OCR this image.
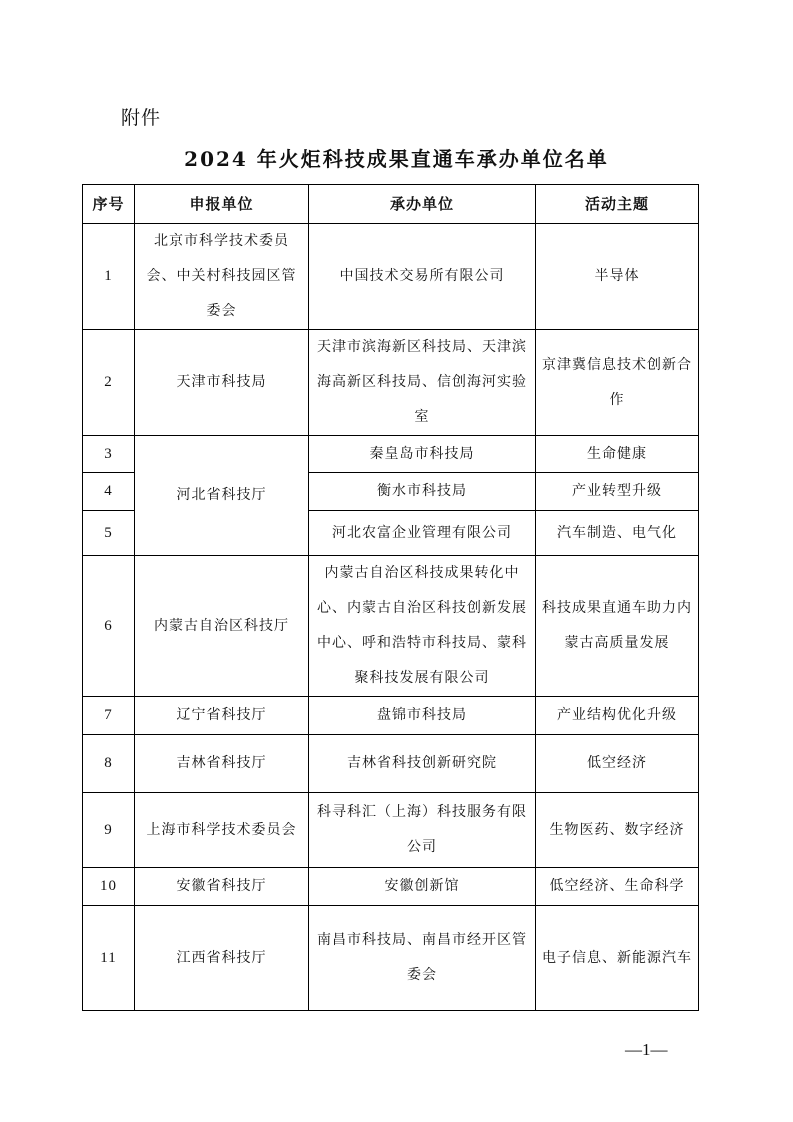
附件
2024 年火炬科技成果直通车承办单位名单
序号	申报单位	承办单位	活动主题
1	北京市科学技术委员会、中关村科技园区管委会	中国技术交易所有限公司	半导体
2	天津市科技局	天津市滨海新区科技局、天津滨海高新区科技局、信创海河实验室	京津冀信息技术创新合作
3	河北省科技厅	秦皇岛市科技局	生命健康
4		衡水市科技局	产业转型升级
5		河北农富企业管理有限公司	汽车制造、电气化
6	内蒙古自治区科技厅	内蒙古自治区科技成果转化中心、内蒙古自治区科技创新发展中心、呼和浩特市科技局、蒙科聚科技发展有限公司	科技成果直通车助力内蒙古高质量发展
7	辽宁省科技厅	盘锦市科技局	产业结构优化升级
8	吉林省科技厅	吉林省科技创新研究院	低空经济
9	上海市科学技术委员会	科寻科汇（上海）科技服务有限公司	生物医药、数字经济
10	安徽省科技厅	安徽创新馆	低空经济、生命科学
11	江西省科技厅	南昌市科技局、南昌市经开区管委会	电子信息、新能源汽车
—1—
